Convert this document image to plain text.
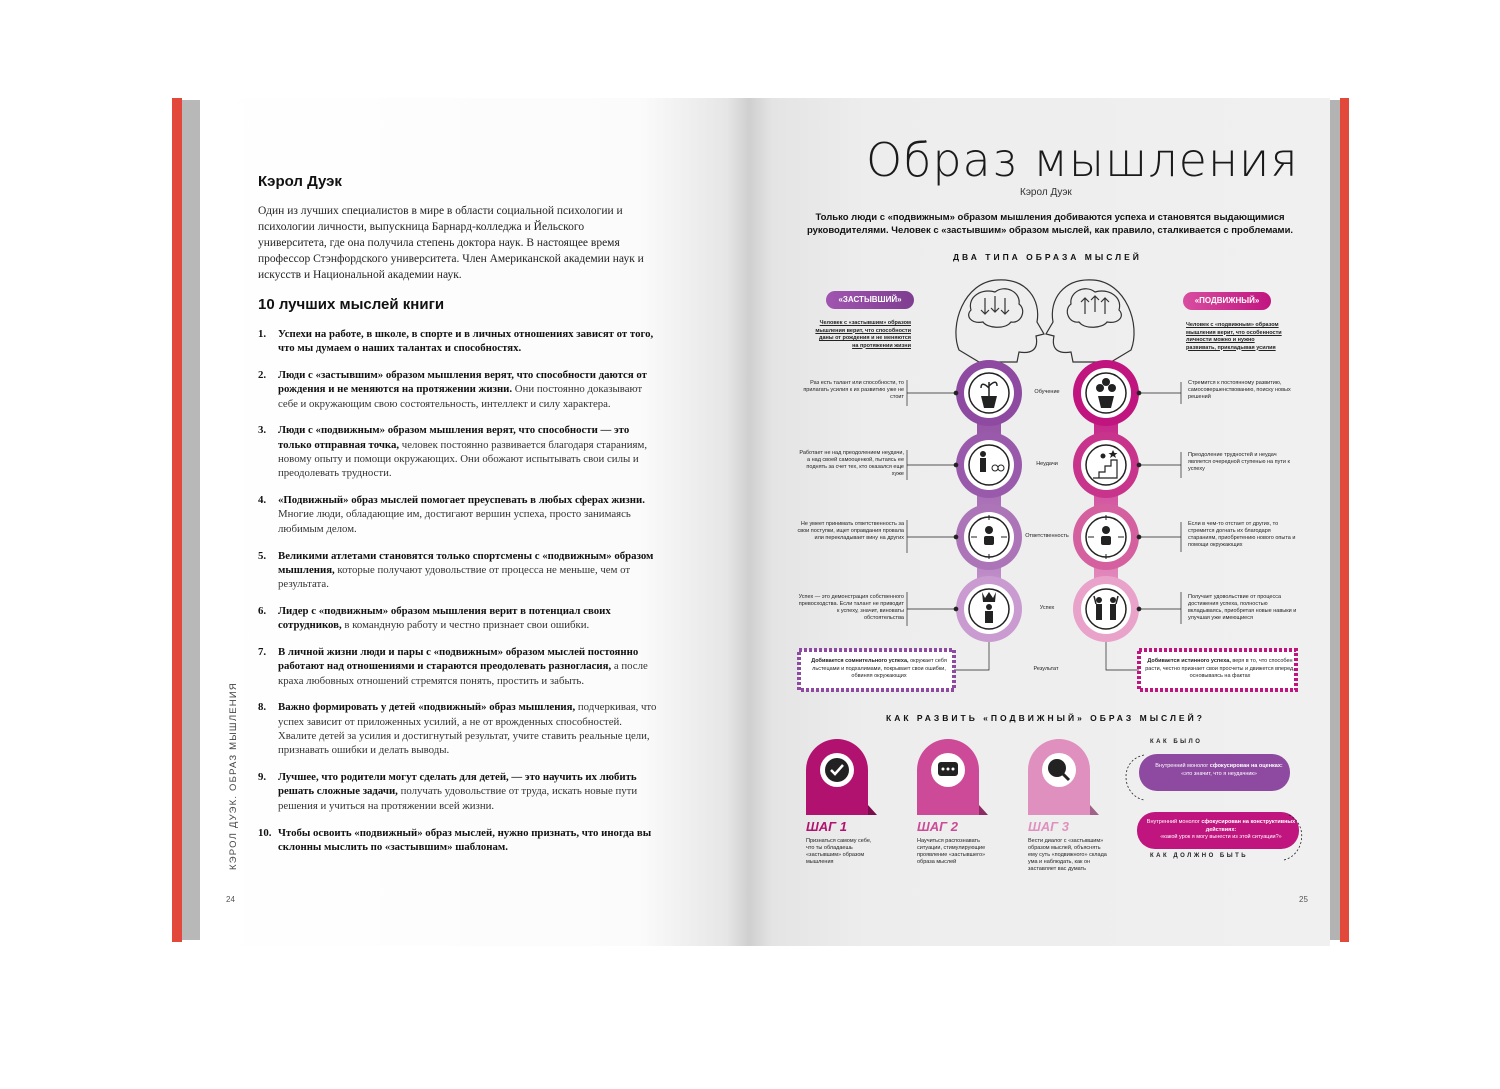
Кэрол Дуэк
Один из лучших специалистов в мире в области социальной психологии и психологии личности, выпускница Барнард-колледжа и Йельского университета, где она получила степень доктора наук. В настоящее время профессор Стэнфордского университета. Член Американской академии наук и искусств и Национальной академии наук.
10 лучших мыслей книги
1. Успехи на работе, в школе, в спорте и в личных отношениях зависят от того, что мы думаем о наших талантах и способностях.
2. Люди с «застывшим» образом мышления верят, что способности даются от рождения и не меняются на протяжении жизни. Они постоянно доказывают себе и окружающим свою состоятельность, интеллект и силу характера.
3. Люди с «подвижным» образом мышления верят, что способности — это только отправная точка, человек постоянно развивается благодаря стараниям, новому опыту и помощи окружающих. Они обожают испытывать свои силы и преодолевать трудности.
4. «Подвижный» образ мыслей помогает преуспевать в любых сферах жизни. Многие люди, обладающие им, достигают вершин успеха, просто занимаясь любимым делом.
5. Великими атлетами становятся только спортсмены с «подвижным» образом мышления, которые получают удовольствие от процесса не меньше, чем от результата.
6. Лидер с «подвижным» образом мышления верит в потенциал своих сотрудников, в командную работу и честно признает свои ошибки.
7. В личной жизни люди и пары с «подвижным» образом мыслей постоянно работают над отношениями и стараются преодолевать разногласия, а после краха любовных отношений стремятся понять, простить и забыть.
8. Важно формировать у детей «подвижный» образ мышления, подчеркивая, что успех зависит от приложенных усилий, а не от врожденных способностей. Хвалите детей за усилия и достигнутый результат, учите ставить реальные цели, признавать ошибки и делать выводы.
9. Лучшее, что родители могут сделать для детей, — это научить их любить решать сложные задачи, получать удовольствие от труда, искать новые пути решения и учиться на протяжении всей жизни.
10. Чтобы освоить «подвижный» образ мыслей, нужно признать, что иногда вы склонны мыслить по «застывшим» шаблонам.
КЭРОЛ ДУЭК. ОБРАЗ МЫШЛЕНИЯ
24
Образ мышления
Кэрол Дуэк
Только люди с «подвижным» образом мышления добиваются успеха и становятся выдающимися руководителями. Человек с «застывшим» образом мыслей, как правило, сталкивается с проблемами.
ДВА ТИПА ОБРАЗА МЫСЛЕЙ
«ЗАСТЫВШИЙ»	«ПОДВИЖНЫЙ»
Человек с «застывшим» образом мышления верит, что способности даны от рождения и не меняются на протяжении жизни
Человек с «подвижным» образом мышления верит, что особенности личности можно и нужно развивать, прикладывая усилия
Раз есть талант или способности, то прилагать усилия к их развитию уже не стоит
Работает не над преодолением неудачи, а над своей самооценкой, пытаясь ее поднять за счет тех, кто оказался еще хуже
Не умеет принимать ответственность за свои поступки, ищет оправдания провала или перекладывает вину на других
Успех — это демонстрация собственного превосходства. Если талант не приводит к успеху, значит, виноваты обстоятельства
Стремится к постоянному развитию, самосовершенствованию, поиску новых решений
Преодоление трудностей и неудач является очередной ступенью на пути к успеху
Если в чем-то отстает от других, то стремится догнать их благодаря стараниям, приобретению нового опыта и помощи окружающих
Получает удовольствие от процесса достижения успеха, полностью вкладываясь, приобретая новые навыки и улучшая уже имеющиеся
Обучение
Неудачи
Ответственность
Успех
Результат
Добивается сомнительного успеха, окружает себя льстецами и подхалимами, покрывает свои ошибки, обвиняя окружающих
Добивается истинного успеха, веря в то, что способен расти, честно признает свои просчеты и движется вперед, основываясь на фактах
КАК РАЗВИТЬ «ПОДВИЖНЫЙ» ОБРАЗ МЫСЛЕЙ?
ШАГ 1	ШАГ 2	ШАГ 3
Признаться самому себе, что ты обладаешь «застывшим» образом мышления
Научиться распознавать ситуации, стимулирующие проявление «застывшего» образа мыслей
Вести диалог с «застывшим» образом мыслей, объяснять ему суть «подвижного» склада ума и наблюдать, как он заставляет вас думать
КАК БЫЛО
Внутренний монолог сфокусирован на оценках:
«это значит, что я неудачник»
Внутренний монолог сфокусирован на конструктивных действиях:
«какой урок я могу вынести из этой ситуации?»
КАК ДОЛЖНО БЫТЬ
25
